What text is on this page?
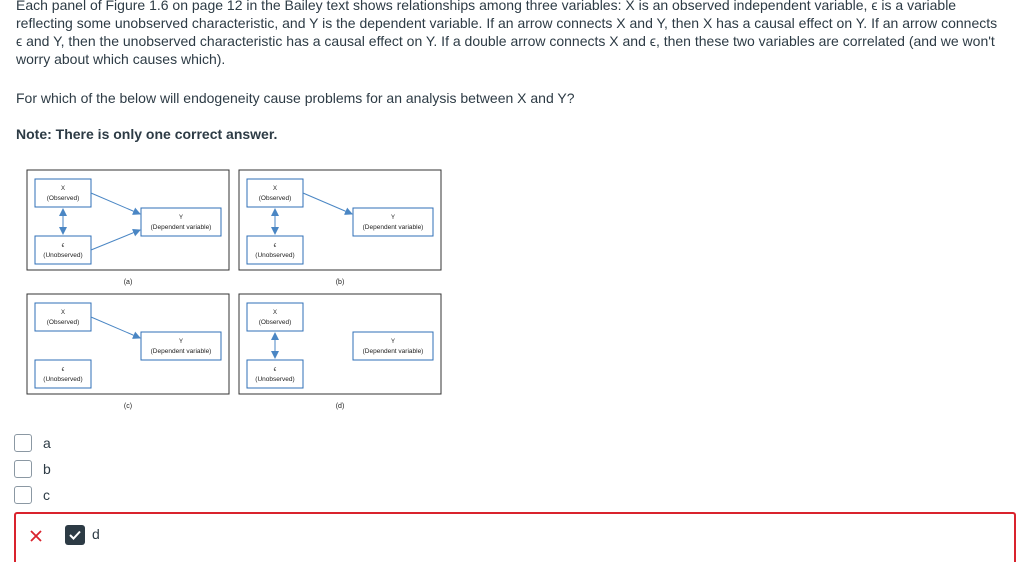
Each panel of Figure 1.6 on page 12 in the Bailey text shows relationships among three variables: X is an observed independent variable, ϵ is a variable reflecting some unobserved characteristic, and Y is the dependent variable. If an arrow connects X and Y, then X has a causal effect on Y. If an arrow connects ϵ and Y, then the unobserved characteristic has a causal effect on Y. If a double arrow connects X and ϵ, then these two variables are correlated (and we won't worry about which causes which).

For which of the below will endogeneity cause problems for an analysis between X and Y?

Note: There is only one correct answer.

X
(Observed)
ϵ
(Unobserved)
Y
(Dependent variable)
(a)
X
(Observed)
ϵ
(Unobserved)
Y
(Dependent variable)
(b)
X
(Observed)
ϵ
(Unobserved)
Y
(Dependent variable)
(c)
X
(Observed)
ϵ
(Unobserved)
Y
(Dependent variable)
(d)
a
b
c
d
